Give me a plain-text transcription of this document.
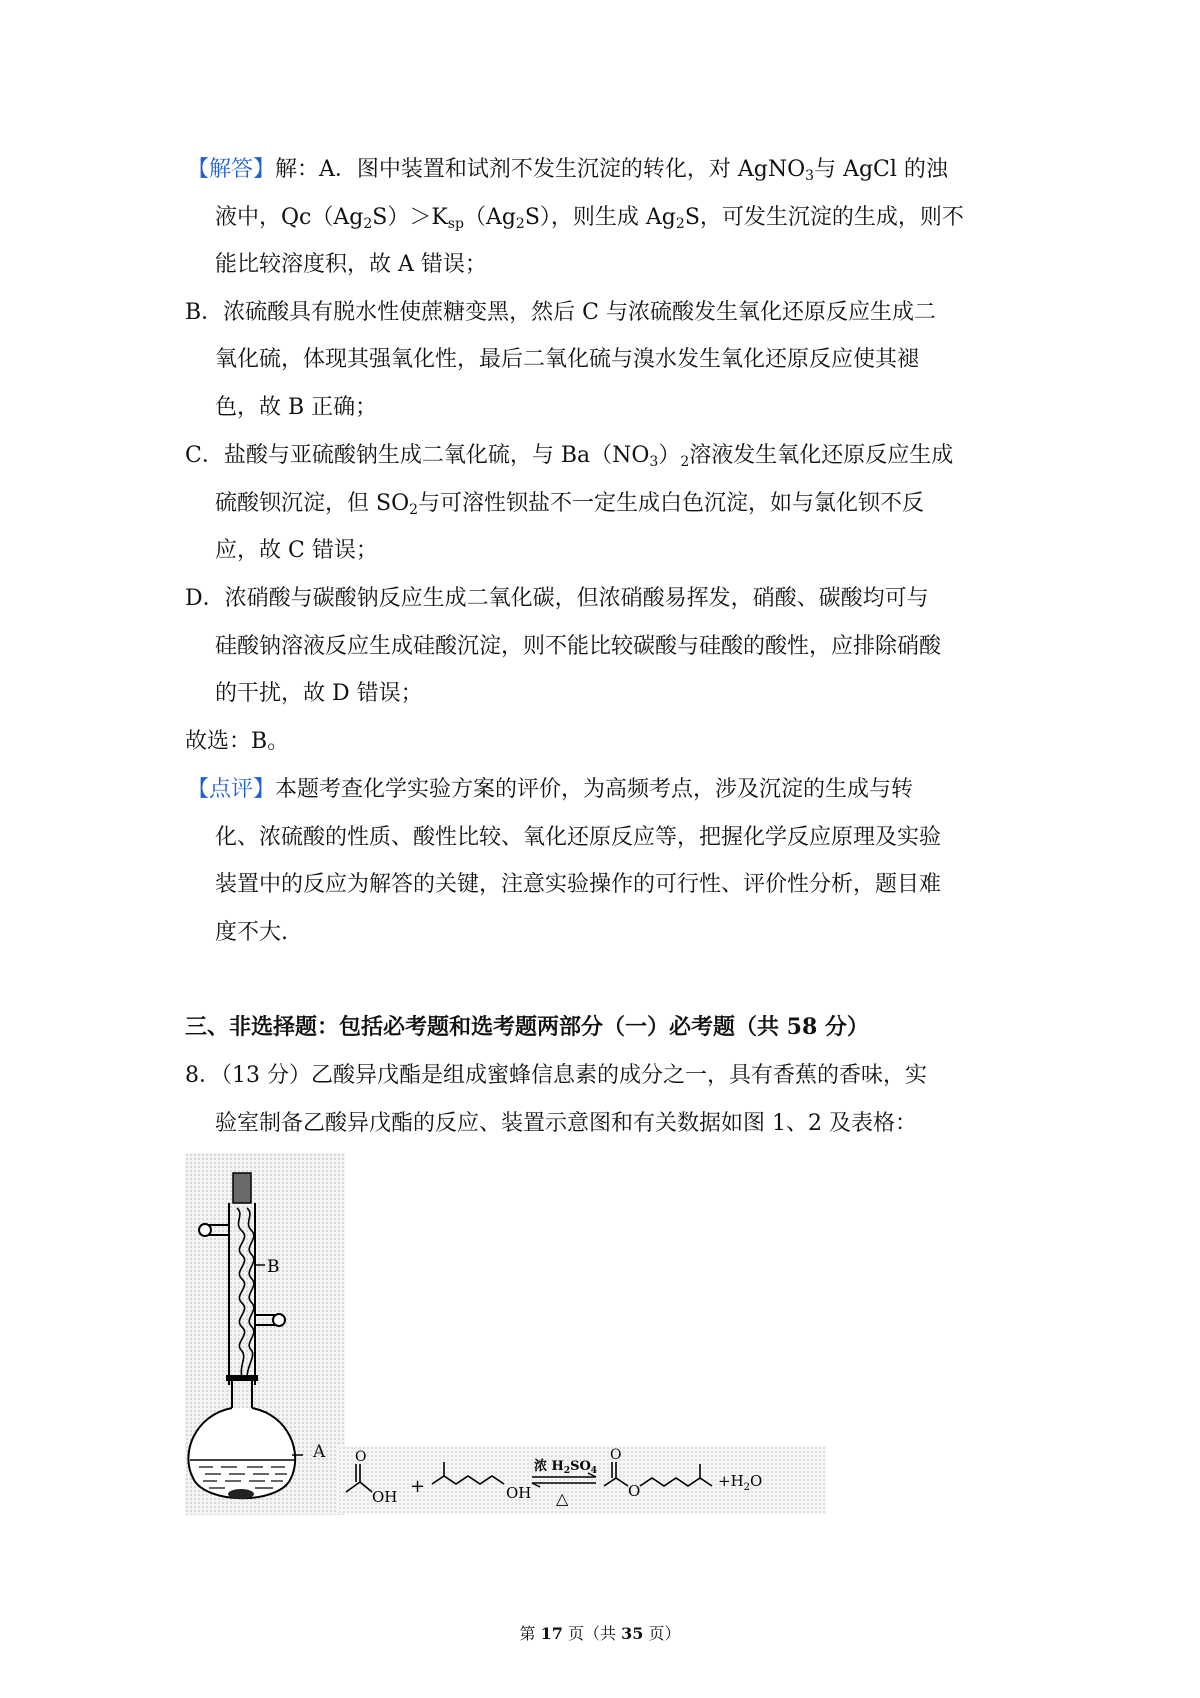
【解答】解：A．图中装置和试剂不发生沉淀的转化，对 AgNO$_3$与 AgCl 的浊
液中，$Qc(Ag_2S)>K_{sp}(Ag_2S)$，则生成 $Ag_2S$，可发生沉淀的生成，则不
能比较溶度积，故 A 错误；
B．浓硫酸具有脱水性使蔗糖变黑，然后 C 与浓硫酸发生氧化还原反应生成二
氧化硫，体现其强氧化性，最后二氧化硫与溴水发生氧化还原反应使其褪
色，故 B 正确；
C．盐酸与亚硫酸钠生成二氧化硫，与 $Ba(NO_3)_2$溶液发生氧化还原反应生成
硫酸钡沉淀，但 $SO_2$与可溶性钡盐不一定生成白色沉淀，如与氯化钡不反
应，故 C 错误；
D．浓硝酸与碳酸钠反应生成二氧化碳，但浓硝酸易挥发，硝酸、碳酸均可与
硅酸钠溶液反应生成硅酸沉淀，则不能比较碳酸与硅酸的酸性，应排除硝酸
的干扰，故 D 错误；
故选：B。
【点评】本题考查化学实验方案的评价，为高频考点，涉及沉淀的生成与转
化、浓硫酸的性质、酸性比较、氧化还原反应等，把握化学反应原理及实验
装置中的反应为解答的关键，注意实验操作的可行性、评价性分析，题目难
度不大.
三、非选择题：包括必考题和选考题两部分（一）必考题（共 58 分）
8．（13 分）乙酸异戊酯是组成蜜蜂信息素的成分之一，具有香蕉的香味，实
验室制备乙酸异戊酯的反应、装置示意图和有关数据如图 1、2 及表格：
B
A O
OH +	OH
浓 $H_2SO_4$
△
O
O
$+H_2O$
第 17 页（共 35 页）
